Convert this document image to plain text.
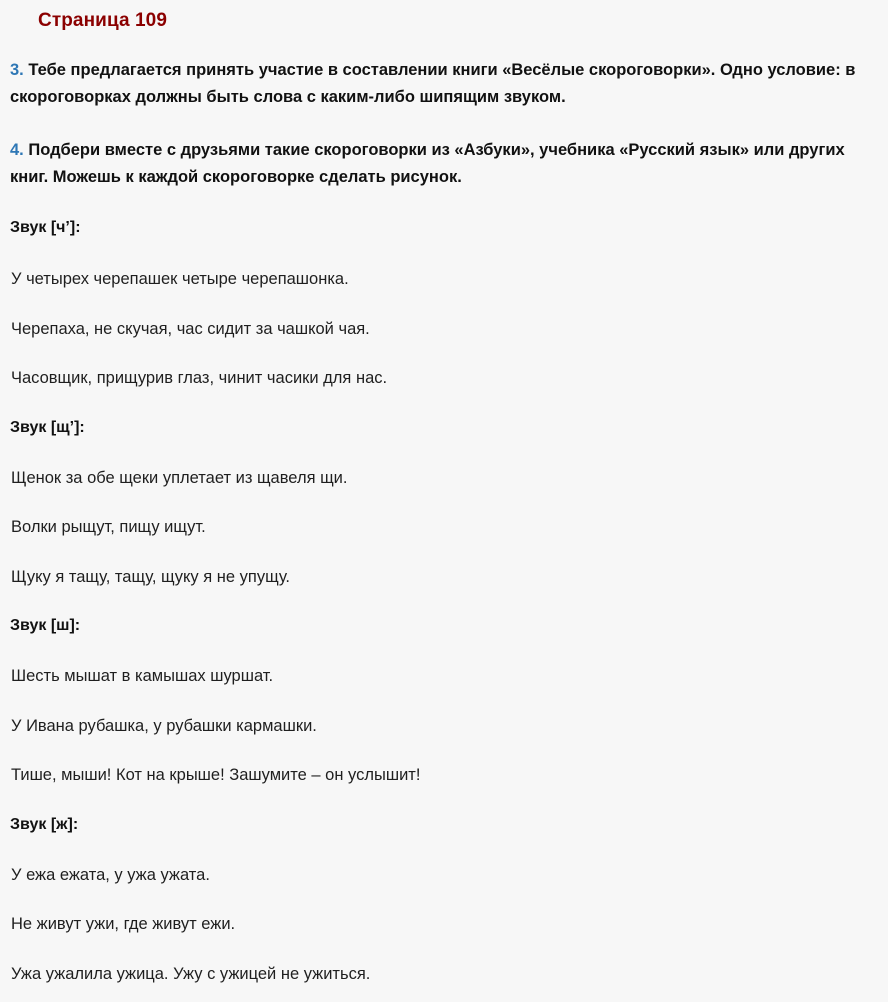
Страница 109
3. Тебе предлагается принять участие в составлении книги «Весёлые скороговорки». Одно условие: в скороговорках должны быть слова с каким-либо шипящим звуком.
4. Подбери вместе с друзьями такие скороговорки из «Азбуки», учебника «Русский язык» или других книг. Можешь к каждой скороговорке сделать рисунок.
Звук [ч’]:
У четырех черепашек четыре черепашонка.
Черепаха, не скучая, час сидит за чашкой чая.
Часовщик, прищурив глаз, чинит часики для нас.
Звук [щ’]:
Щенок за обе щеки уплетает из щавеля щи.
Волки рыщут, пищу ищут.
Щуку я тащу, тащу, щуку я не упущу.
Звук [ш]:
Шесть мышат в камышах шуршат.
У Ивана рубашка, у рубашки кармашки.
Тише, мыши! Кот на крыше! Зашумите – он услышит!
Звук [ж]:
У ежа ежата, у ужа ужата.
Не живут ужи, где живут ежи.
Ужа ужалила ужица. Ужу с ужицей не ужиться.
